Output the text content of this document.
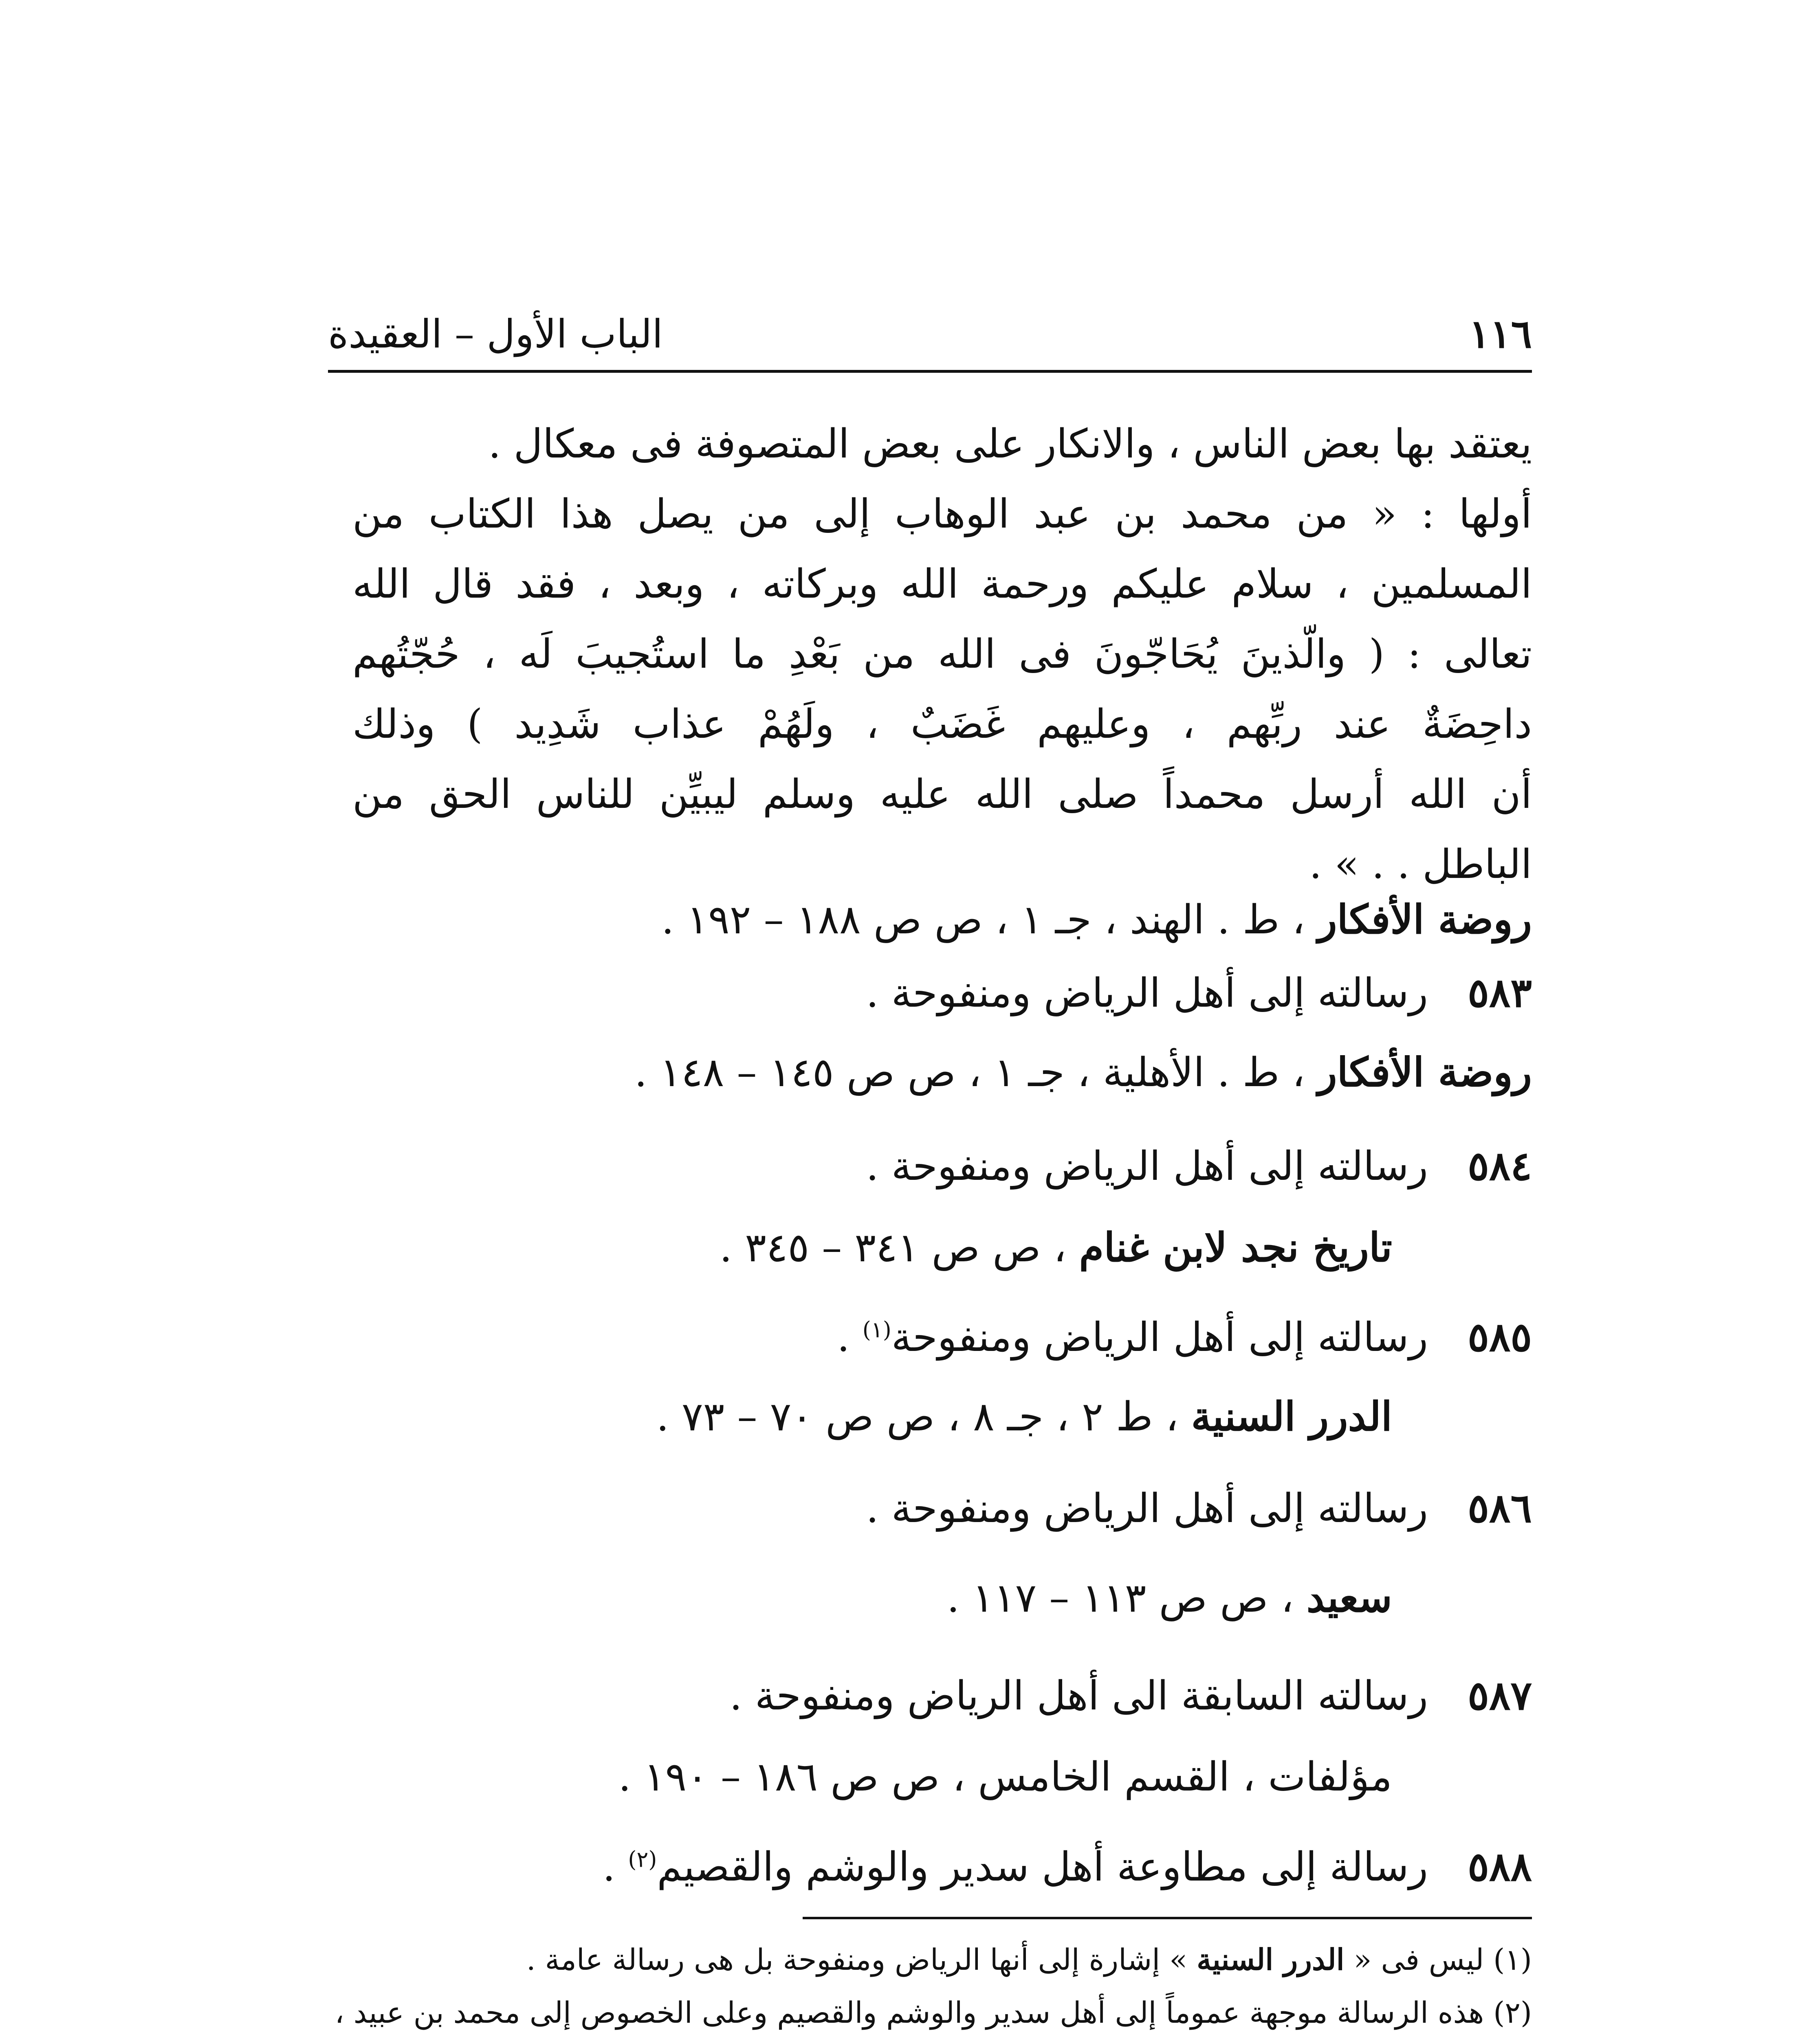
الباب الأول – العقيدة	١١٦
يعتقد بها بعض الناس ، والانكار على بعض المتصوفة فى معكال .
أولها : « من محمد بن عبد الوهاب إلى من يصل هذا الكتاب من
المسلمين ، سلام عليكم ورحمة الله وبركاته ، وبعد ، فقد قال الله
تعالى : ( والّذينَ يُحَاجّونَ فى الله من بَعْدِ ما استُجيبَ لَه ، حُجّتُهم
داحِضَةٌ عند ربِّهم ، وعليهم غَضَبٌ ، ولَهُمْ عذاب شَدِيد ) وذلك
أن الله أرسل محمداً صلى الله عليه وسلم ليبيِّن للناس الحق من
الباطل . . » .
روضة الأفكار ، ط . الهند ، جـ ١ ، ص ص ١٨٨ – ١٩٢ .
٥٨٣رسالته إلى أهل الرياض ومنفوحة .
روضة الأفكار ، ط . الأهلية ، جـ ١ ، ص ص ١٤٥ – ١٤٨ .
٥٨٤رسالته إلى أهل الرياض ومنفوحة .
تاريخ نجد لابن غنام ، ص ص ٣٤١ – ٣٤٥ .
٥٨٥رسالته إلى أهل الرياض ومنفوحة$^{(١)}$ .
الدرر السنية ، ط ٢ ، جـ ٨ ، ص ص ٧٠ – ٧٣ .
٥٨٦رسالته إلى أهل الرياض ومنفوحة .
سعيد ، ص ص ١١٣ – ١١٧ .
٥٨٧رسالته السابقة الى أهل الرياض ومنفوحة .
مؤلفات ، القسم الخامس ، ص ص ١٨٦ – ١٩٠ .
٥٨٨رسالة إلى مطاوعة أهل سدير والوشم والقصيم$^{(٢)}$ .
(١) ليس فى « الدرر السنية » إشارة إلى أنها الرياض ومنفوحة بل هى رسالة عامة .
(٢) هذه الرسالة موجهة عموماً إلى أهل سدير والوشم والقصيم وعلى الخصوص إلى محمد بن عبيد ،
